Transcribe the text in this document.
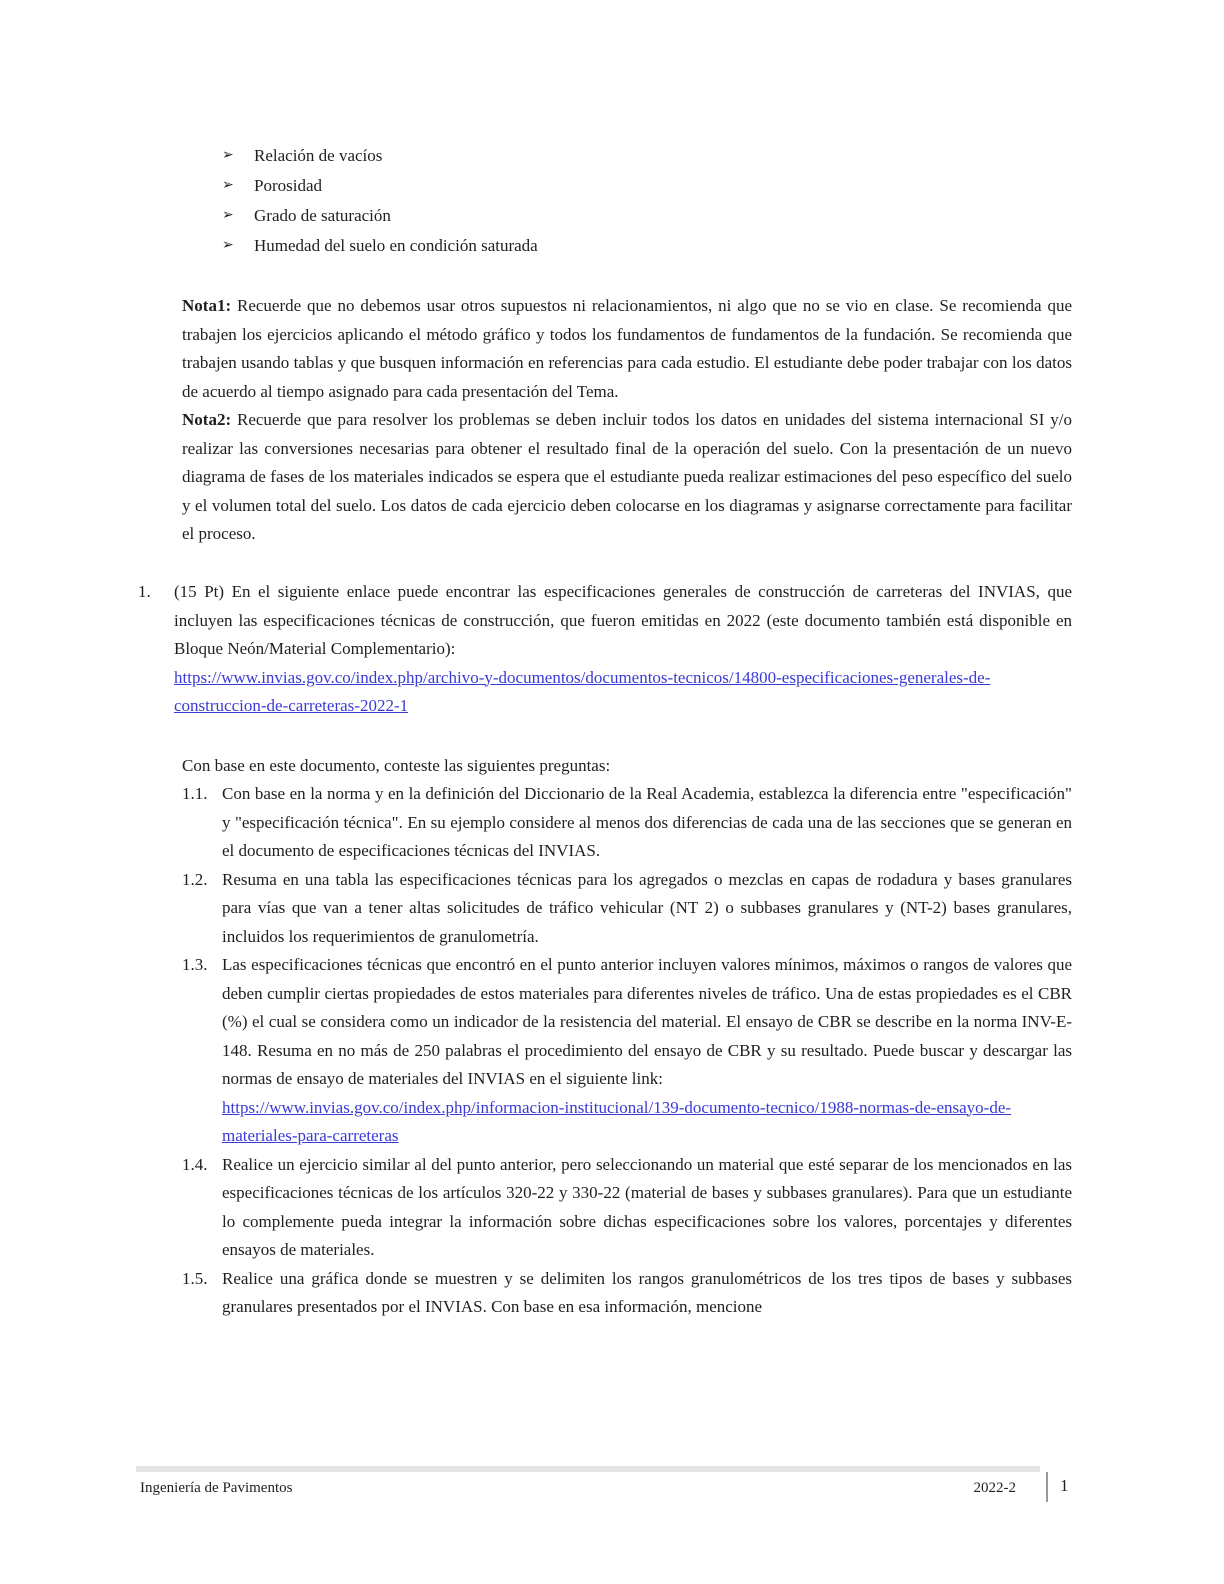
➢ Relación de vacíos
➢ Porosidad
➢ Grado de saturación
➢ Humedad del suelo en condición saturada

Nota1: Recuerde que no debemos usar otros supuestos ni relacionamientos, ni algo que no se vio en clase. Se recomienda que trabajen los ejercicios aplicando el método gráfico y todos los fundamentos de fundamentos de la fundación. Se recomienda que trabajen usando tablas y que busquen información en referencias para cada estudio. El estudiante debe poder trabajar con los datos de acuerdo al tiempo asignado para cada presentación del Tema.

Nota2: Recuerde que para resolver los problemas se deben incluir todos los datos en unidades del sistema internacional SI y/o realizar las conversiones necesarias para obtener el resultado final de la operación del suelo. Con la presentación de un nuevo diagrama de fases de los materiales indicados se espera que el estudiante pueda realizar estimaciones del peso específico del suelo y el volumen total del suelo. Los datos de cada ejercicio deben colocarse en los diagramas y asignarse correctamente para facilitar el proceso.

1. (15 Pt) En el siguiente enlace puede encontrar las especificaciones generales de construcción de carreteras del INVIAS, que incluyen las especificaciones técnicas de construcción, que fueron emitidas en 2022 (este documento también está disponible en Bloque Neón/Material Complementario):
https://www.invias.gov.co/index.php/archivo-y-documentos/documentos-tecnicos/14800-especificaciones-generales-de-construccion-de-carreteras-2022-1
Con base en este documento, conteste las siguientes preguntas:
1.1. Con base en la norma y en la definición del Diccionario de la Real Academia, establezca la diferencia entre "especificación" y "especificación técnica". En su ejemplo considere al menos dos diferencias de cada una de las secciones que se generan en el documento de especificaciones técnicas del INVIAS.
1.2. Resuma en una tabla las especificaciones técnicas para los agregados o mezclas en capas de rodadura y bases granulares para vías que van a tener altas solicitudes de tráfico vehicular (NT 2) o subbases granulares y (NT-2) bases granulares, incluidos los requerimientos de granulometría.
1.3. Las especificaciones técnicas que encontró en el punto anterior incluyen valores mínimos, máximos o rangos de valores que deben cumplir ciertas propiedades de estos materiales para diferentes niveles de tráfico. Una de estas propiedades es el CBR (%) el cual se considera como un indicador de la resistencia del material. El ensayo de CBR se describe en la norma INV-E-148. Resuma en no más de 250 palabras el procedimiento del ensayo de CBR y su resultado. Puede buscar y descargar las normas de ensayo de materiales del INVIAS en el siguiente link:
https://www.invias.gov.co/index.php/informacion-institucional/139-documento-tecnico/1988-normas-de-ensayo-de-materiales-para-carreteras
1.4. Realice un ejercicio similar al del punto anterior, pero seleccionando un material que esté separar de los mencionados en las especificaciones técnicas de los artículos 320-22 y 330-22 (material de bases y subbases granulares). Para que un estudiante lo complemente pueda integrar la información sobre dichas especificaciones sobre los valores, porcentajes y diferentes ensayos de materiales.
1.5. Realice una gráfica donde se muestren y se delimiten los rangos granulométricos de los tres tipos de bases y subbases granulares presentados por el INVIAS. Con base en esa información, mencione
Ingeniería de Pavimentos	2022-2	1
